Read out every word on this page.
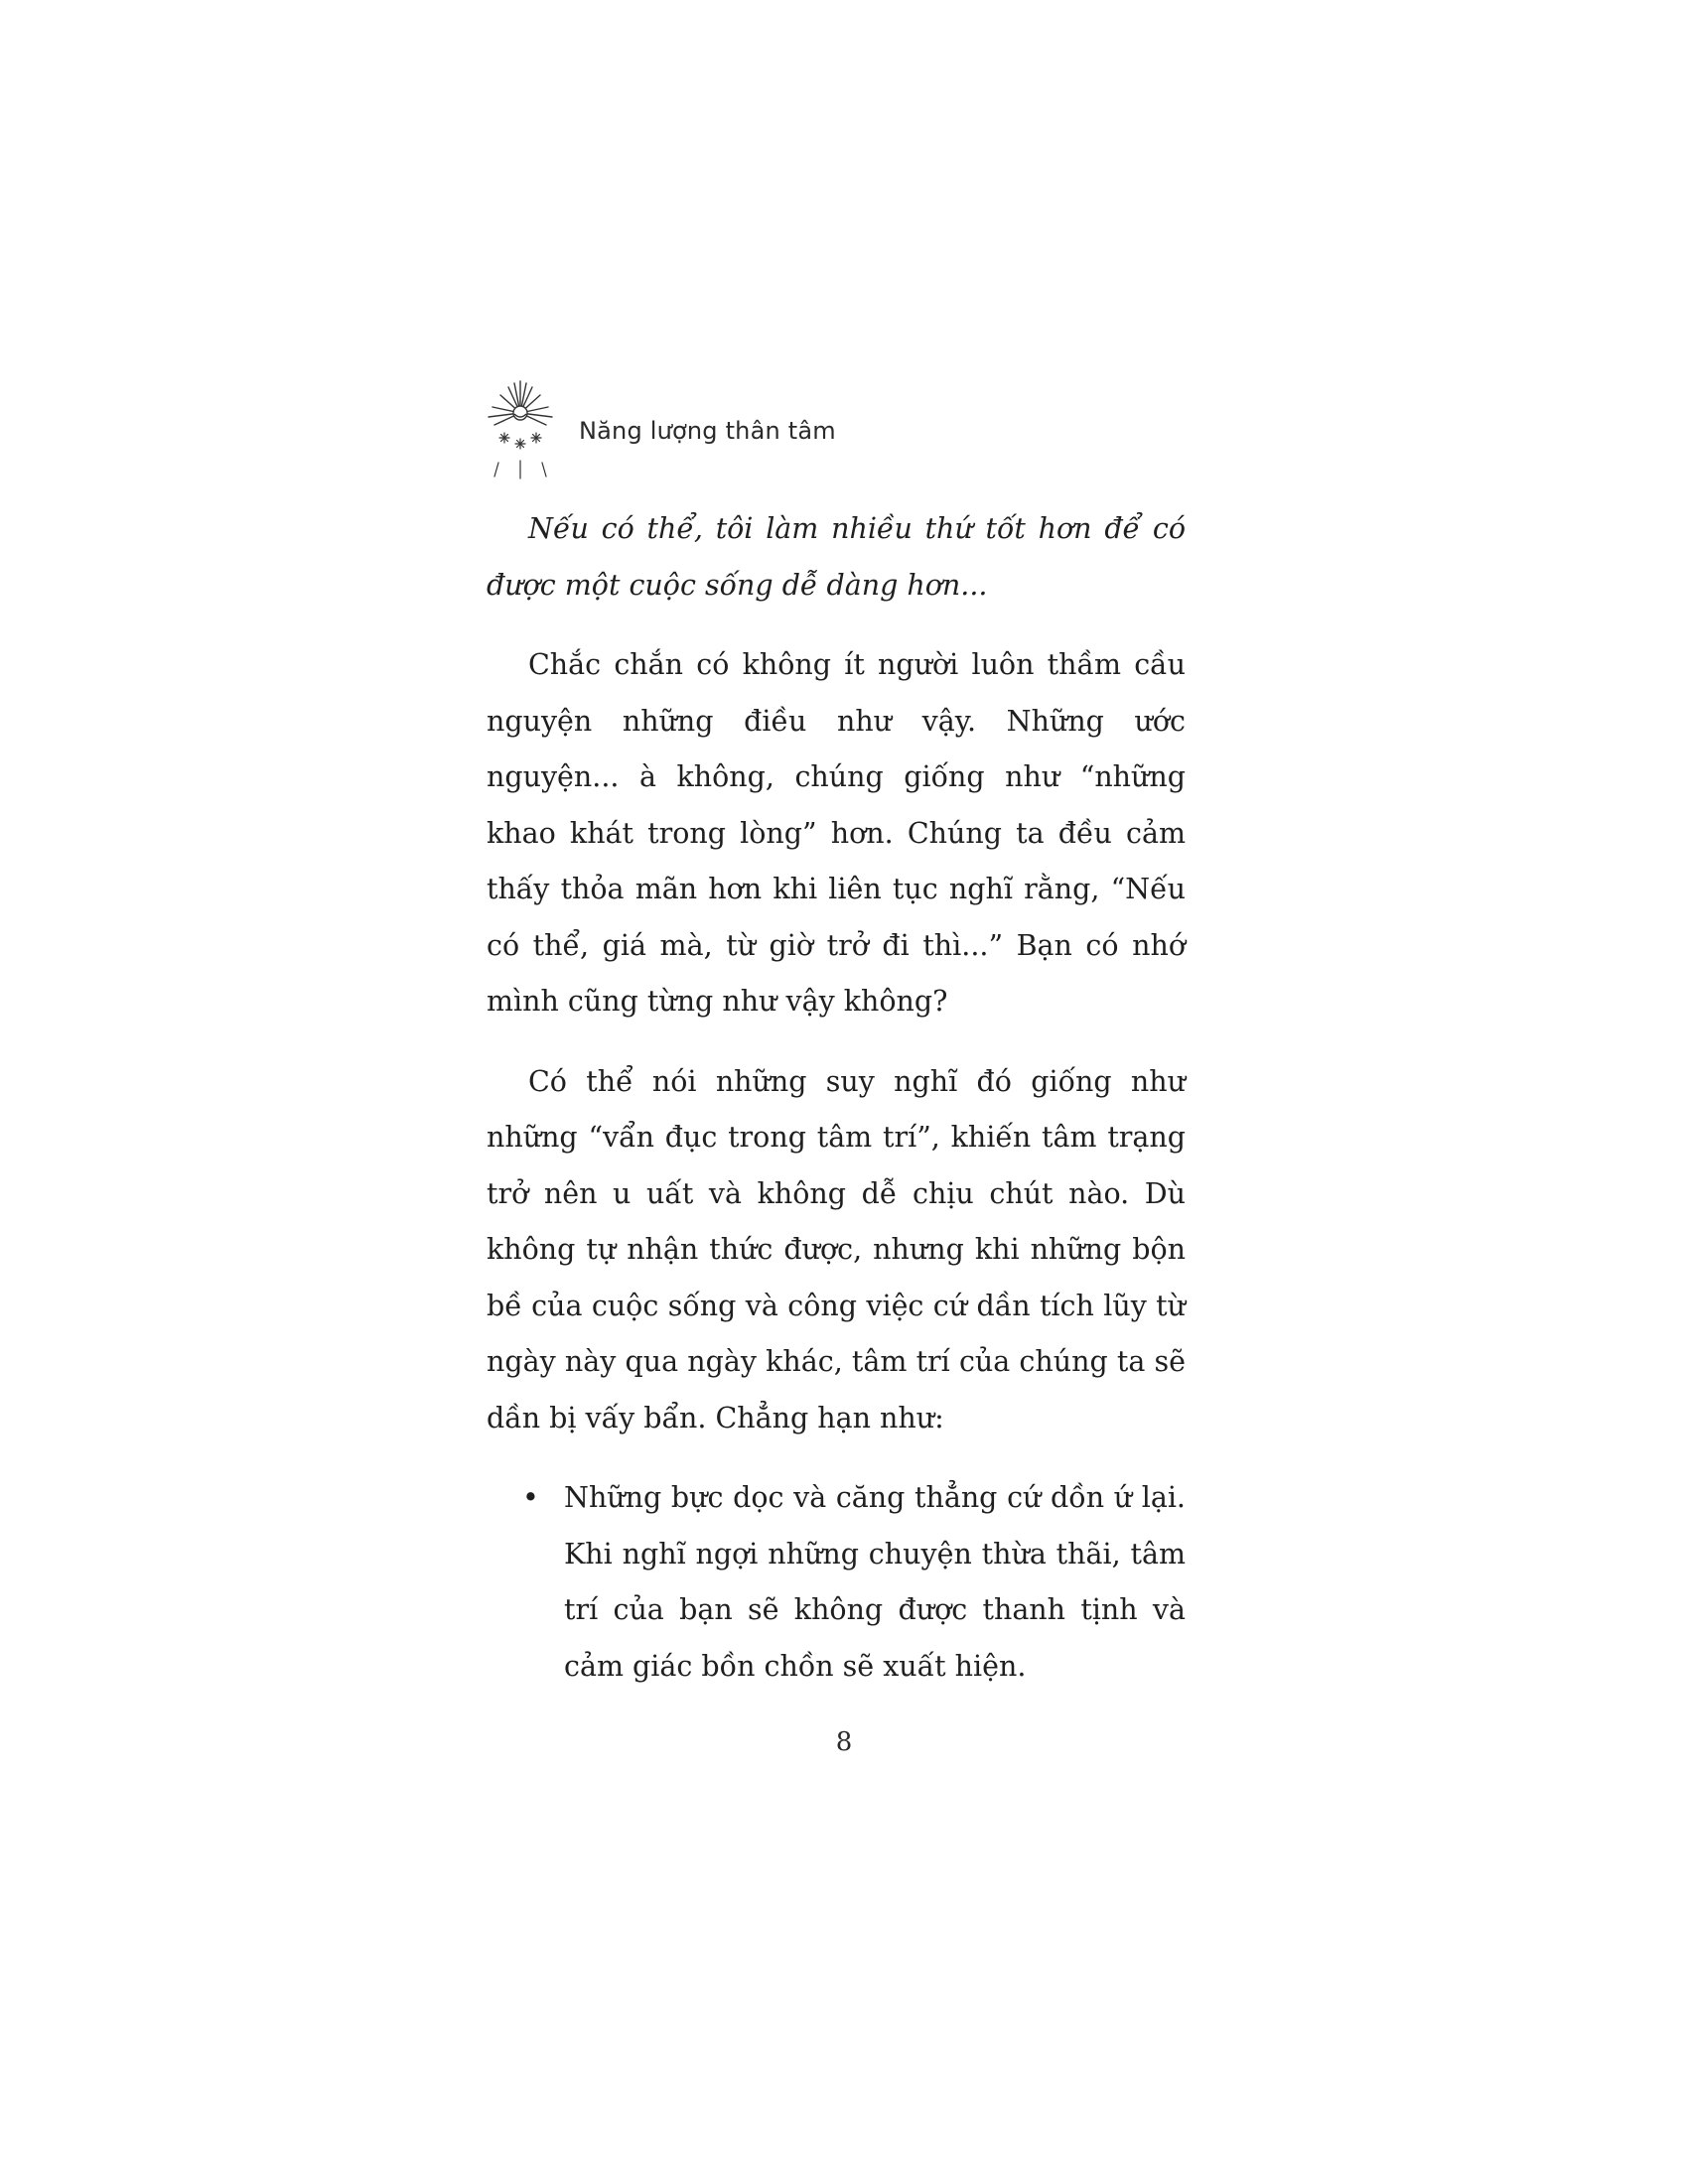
Năng lượng thân tâm

Nếu có thể, tôi làm nhiều thứ tốt hơn để có được một cuộc sống dễ dàng hơn...

Chắc chắn có không ít người luôn thầm cầu nguyện những điều như vậy. Những ước nguyện... à không, chúng giống như “những khao khát trong lòng” hơn. Chúng ta đều cảm thấy thỏa mãn hơn khi liên tục nghĩ rằng, “Nếu có thể, giá mà, từ giờ trở đi thì...” Bạn có nhớ mình cũng từng như vậy không?

Có thể nói những suy nghĩ đó giống như những “vẩn đục trong tâm trí”, khiến tâm trạng trở nên u uất và không dễ chịu chút nào. Dù không tự nhận thức được, nhưng khi những bộn bề của cuộc sống và công việc cứ dần tích lũy từ ngày này qua ngày khác, tâm trí của chúng ta sẽ dần bị vấy bẩn. Chẳng hạn như:

• Những bực dọc và căng thẳng cứ dồn ứ lại. Khi nghĩ ngợi những chuyện thừa thãi, tâm trí của bạn sẽ không được thanh tịnh và cảm giác bồn chồn sẽ xuất hiện.
8
